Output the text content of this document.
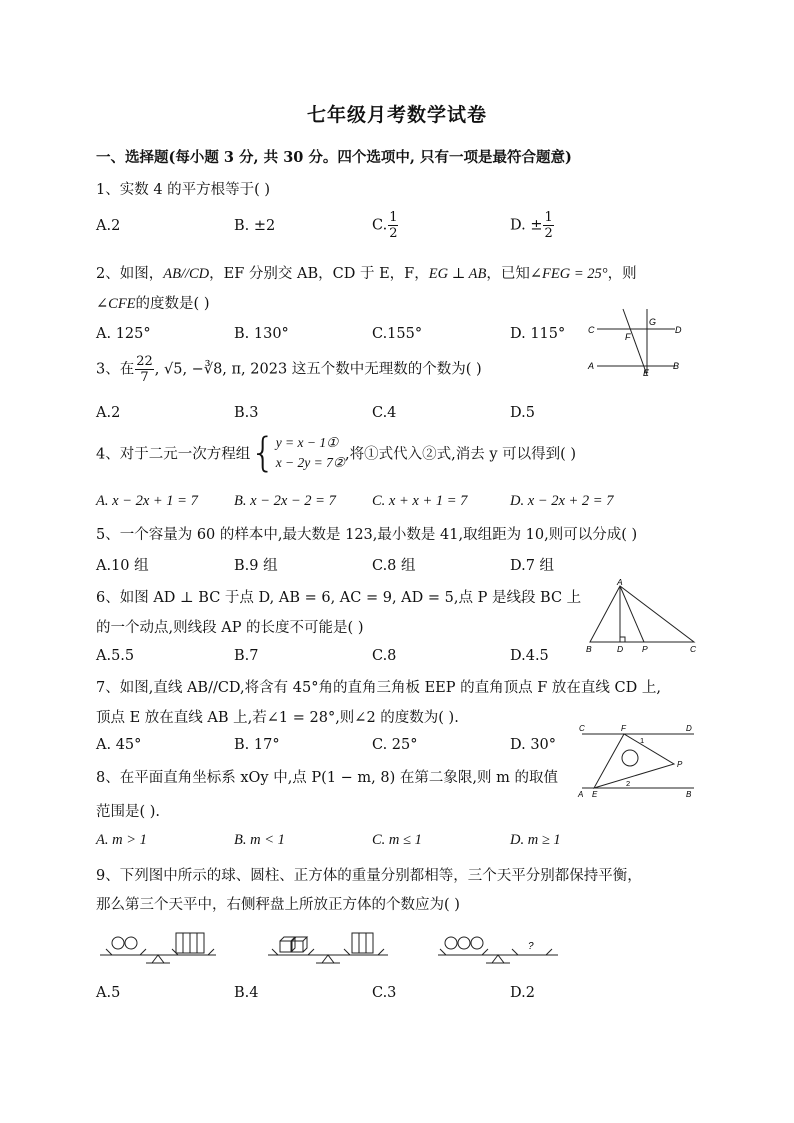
七年级月考数学试卷
一、选择题(每小题 3 分, 共 30 分。四个选项中, 只有一项是最符合题意)
1、实数 4 的平方根等于( )
A.2	B. ±2	C. $\frac{1}{2}$	D. ± $\frac{1}{2}$
2、如图，AB//CD，EF 分别交 AB，CD 于 E，F，EG ⊥ AB，已知∠FEG = 25°，则
∠CFE的度数是( )
A. 125°	B. 130°	C.155°	D. 115°	C
G
D
F
A
E
B
3、在 $\frac{22}{7}$ , √5, −∛8, π, 2023 这五个数中无理数的个数为( )
A.2	B.3	C.4	D.5
4、对于二元一次方程组{ y = x − 1①
x − 2y = 7② ,将①式代入②式,消去 y 可以得到( )
A. x − 2x + 1 = 7 B. x − 2x − 2 = 7 C. x + x + 1 = 7	D. x − 2x + 2 = 7
5、一个容量为 60 的样本中,最大数是 123,最小数是 41,取组距为 10,则可以分成( )
A.10 组	B.9 组	C.8 组	D.7 组
6、如图 AD ⊥ BC 于点 D, AB = 6, AC = 9, AD = 5,点 P 是线段 BC 上
的一个动点,则线段 AP 的长度不可能是( )
A.5.5	B.7	C.8	D.4.5
A
B	D P	C
7、如图,直线 AB//CD,将含有 45°角的直角三角板 EEP 的直角顶点 F 放在直线 CD 上,
顶点 E 放在直线 AB 上,若∠1 = 28°,则∠2 的度数为( ).
A. 45°	B. 17°	C. 25°	D. 30°
C	F	D
1
P
A E
2
B
8、在平面直角坐标系 xOy 中,点 P(1 − m, 8) 在第二象限,则 m 的取值
范围是( ).
A. m > 1	B. m < 1	C. m ≤ 1	D. m ≥ 1
9、下列图中所示的球、圆柱、正方体的重量分别都相等，三个天平分别都保持平衡，
那么第三个天平中，右侧秤盘上所放正方体的个数应为( )
?
A.5	B.4	C.3	D.2
